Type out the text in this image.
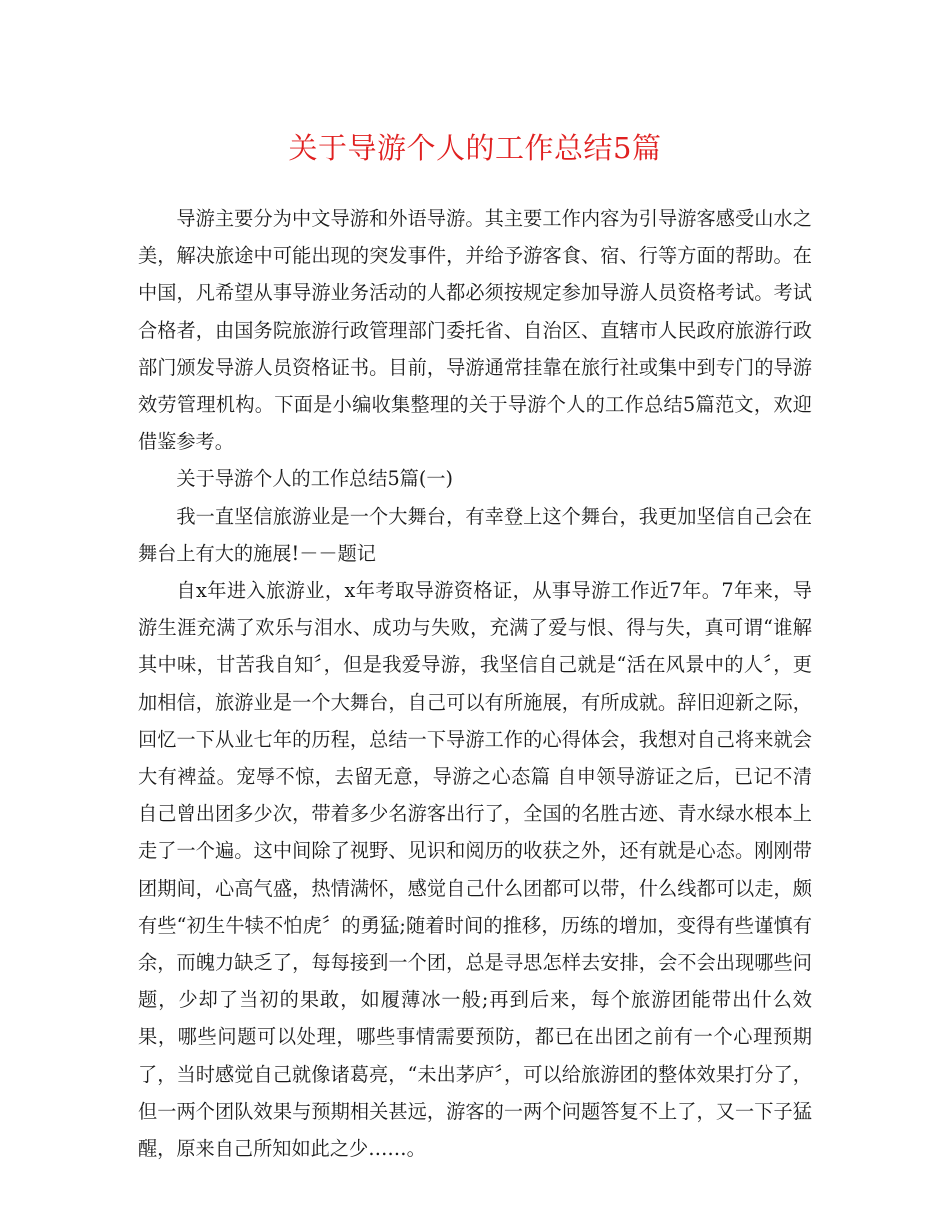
关于导游个人的工作总结5篇

导游主要分为中文导游和外语导游。其主要工作内容为引导游客感受山水之美，解决旅途中可能出现的突发事件，并给予游客食、宿、行等方面的帮助。在中国，凡希望从事导游业务活动的人都必须按规定参加导游人员资格考试。考试合格者，由国务院旅游行政管理部门委托省、自治区、直辖市人民政府旅游行政部门颁发导游人员资格证书。目前，导游通常挂靠在旅行社或集中到专门的导游效劳管理机构。下面是小编收集整理的关于导游个人的工作总结5篇范文，欢迎借鉴参考。

关于导游个人的工作总结5篇(一)

我一直坚信旅游业是一个大舞台，有幸登上这个舞台，我更加坚信自己会在舞台上有大的施展!－－题记

自x年进入旅游业，x年考取导游资格证，从事导游工作近7年。7年来，导游生涯充满了欢乐与泪水、成功与失败，充满了爱与恨、得与失，真可谓“谁解其中味，甘苦我自知〞，但是我爱导游，我坚信自己就是“活在风景中的人〞，更加相信，旅游业是一个大舞台，自己可以有所施展，有所成就。辞旧迎新之际，回忆一下从业七年的历程，总结一下导游工作的心得体会，我想对自己将来就会大有裨益。宠辱不惊，去留无意，导游之心态篇 自申领导游证之后，已记不清自己曾出团多少次，带着多少名游客出行了，全国的名胜古迹、青水绿水根本上走了一个遍。这中间除了视野、见识和阅历的收获之外，还有就是心态。刚刚带团期间，心高气盛，热情满怀，感觉自己什么团都可以带，什么线都可以走，颇有些“初生牛犊不怕虎〞的勇猛;随着时间的推移，历练的增加，变得有些谨慎有余，而魄力缺乏了，每每接到一个团，总是寻思怎样去安排，会不会出现哪些问题，少却了当初的果敢，如履薄冰一般;再到后来，每个旅游团能带出什么效果，哪些问题可以处理，哪些事情需要预防，都已在出团之前有一个心理预期了，当时感觉自己就像诸葛亮，“未出茅庐〞，可以给旅游团的整体效果打分了，但一两个团队效果与预期相关甚远，游客的一两个问题答复不上了，又一下子猛醒，原来自己所知如此之少……。
